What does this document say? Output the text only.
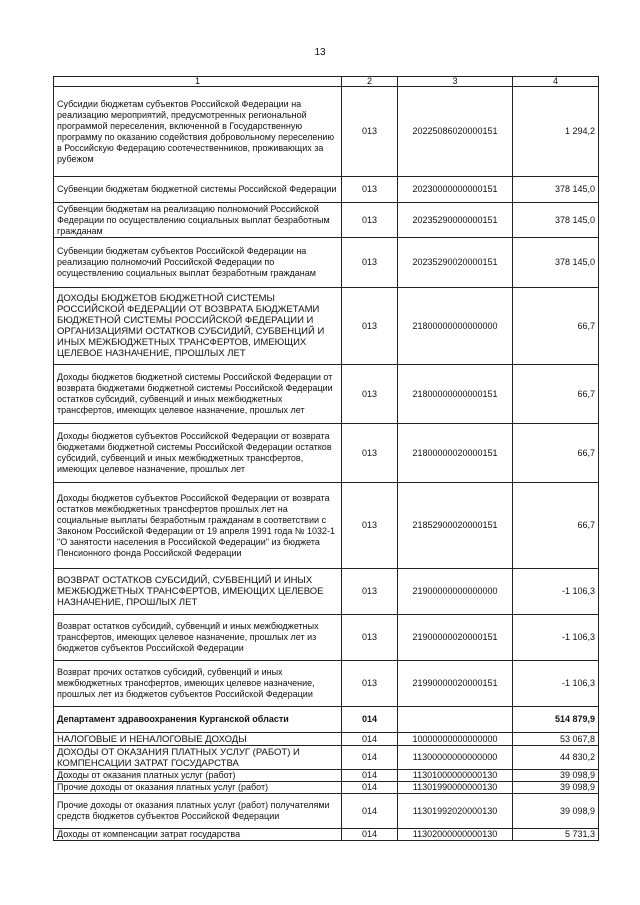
13
1	2	3	4
Субсидии бюджетам субъектов Российской Федерации на реализацию мероприятий, предусмотренных региональной программой переселения, включенной в Государственную программу по оказанию содействия добровольному переселению в Российскую Федерацию соотечественников, проживающих за рубежом	013	20225086020000151	1 294,2
Субвенции бюджетам бюджетной системы Российской Федерации	013	20230000000000151	378 145,0
Субвенции бюджетам на реализацию полномочий Российской Федерации по осуществлению социальных выплат безработным гражданам	013	20235290000000151	378 145,0
Субвенции бюджетам субъектов Российской Федерации на реализацию полномочий Российской Федерации по осуществлению социальных выплат безработным гражданам	013	20235290020000151	378 145,0
ДОХОДЫ БЮДЖЕТОВ БЮДЖЕТНОЙ СИСТЕМЫ РОССИЙСКОЙ ФЕДЕРАЦИИ ОТ ВОЗВРАТА БЮДЖЕТАМИ БЮДЖЕТНОЙ СИСТЕМЫ РОССИЙСКОЙ ФЕДЕРАЦИИ И ОРГАНИЗАЦИЯМИ ОСТАТКОВ СУБСИДИЙ, СУБВЕНЦИЙ И ИНЫХ МЕЖБЮДЖЕТНЫХ ТРАНСФЕРТОВ, ИМЕЮЩИХ ЦЕЛЕВОЕ НАЗНАЧЕНИЕ, ПРОШЛЫХ ЛЕТ	013	21800000000000000	66,7
Доходы бюджетов бюджетной системы Российской Федерации от возврата бюджетами бюджетной системы Российской Федерации остатков субсидий, субвенций и иных межбюджетных трансфертов, имеющих целевое назначение, прошлых лет	013	21800000000000151	66,7
Доходы бюджетов субъектов Российской Федерации от возврата бюджетами бюджетной системы Российской Федерации остатков субсидий, субвенций и иных межбюджетных трансфертов, имеющих целевое назначение, прошлых лет	013	21800000020000151	66,7
Доходы бюджетов субъектов Российской Федерации от возврата остатков межбюджетных трансфертов прошлых лет на социальные выплаты безработным гражданам в соответствии с Законом Российской Федерации от 19 апреля 1991 года № 1032-1 "О занятости населения в Российской Федерации" из бюджета Пенсионного фонда Российской Федерации	013	21852900020000151	66,7
ВОЗВРАТ ОСТАТКОВ СУБСИДИЙ, СУБВЕНЦИЙ И ИНЫХ МЕЖБЮДЖЕТНЫХ ТРАНСФЕРТОВ, ИМЕЮЩИХ ЦЕЛЕВОЕ НАЗНАЧЕНИЕ, ПРОШЛЫХ ЛЕТ	013	21900000000000000	-1 106,3
Возврат остатков субсидий, субвенций и иных межбюджетных трансфертов, имеющих целевое назначение, прошлых лет из бюджетов субъектов Российской Федерации	013	21900000020000151	-1 106,3
Возврат прочих остатков субсидий, субвенций и иных межбюджетных трансфертов, имеющих целевое назначение, прошлых лет из бюджетов субъектов Российской Федерации	013	21990000020000151	-1 106,3
Департамент здравоохранения Курганской области	014		514 879,9
НАЛОГОВЫЕ И НЕНАЛОГОВЫЕ ДОХОДЫ	014	10000000000000000	53 067,8
ДОХОДЫ ОТ ОКАЗАНИЯ ПЛАТНЫХ УСЛУГ (РАБОТ) И КОМПЕНСАЦИИ ЗАТРАТ ГОСУДАРСТВА	014	11300000000000000	44 830,2
Доходы от оказания платных услуг (работ)	014	11301000000000130	39 098,9
Прочие доходы от оказания платных услуг (работ)	014	11301990000000130	39 098,9
Прочие доходы от оказания платных услуг (работ) получателями средств бюджетов субъектов Российской Федерации	014	11301992020000130	39 098,9
Доходы от компенсации затрат государства	014	11302000000000130	5 731,3
